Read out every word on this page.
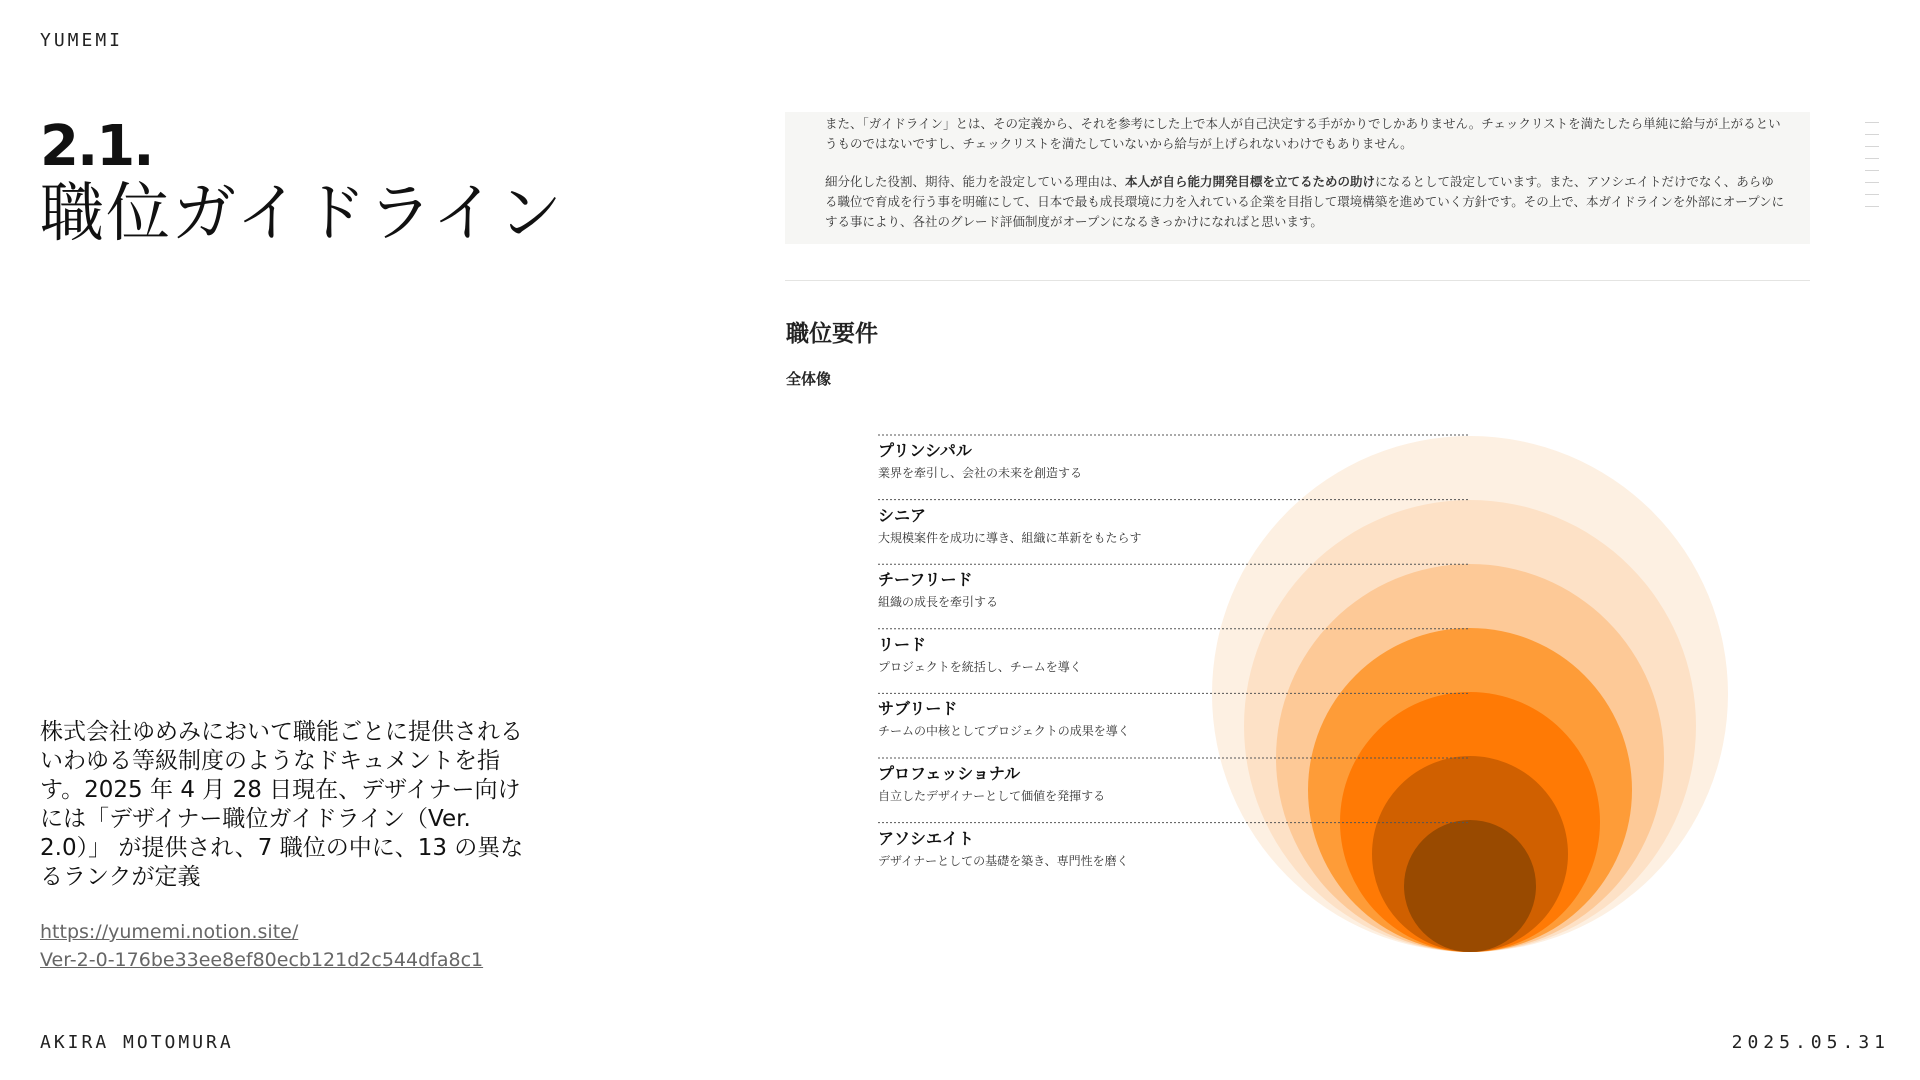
YUMEMI
2.1.
職位ガイドライン
株式会社ゆめみにおいて職能ごとに提供されるいわゆる等級制度のようなドキュメントを指す。2025 年 4 月 28 日現在、デザイナー向けには「デザイナー職位ガイドライン（Ver. 2.0）」 が提供され、7 職位の中に、13 の異なるランクが定義
https://yumemi.notion.site/
Ver-2-0-176be33ee8ef80ecb121d2c544dfa8c1
AKIRA MOTOMURA	2025.05.31

また、「ガイドライン」とは、その定義から、それを参考にした上で本人が自己決定する手がかりでしかありません。チェックリストを満たしたら単純に給与が上がるというものではないですし、チェックリストを満たしていないから給与が上げられないわけでもありません。

細分化した役割、期待、能力を設定している理由は、本人が自ら能力開発目標を立てるための助けになるとして設定しています。また、アソシエイトだけでなく、あらゆる職位で育成を行う事を明確にして、日本で最も成長環境に力を入れている企業を目指して環境構築を進めていく方針です。その上で、本ガイドラインを外部にオープンにする事により、各社のグレード評価制度がオープンになるきっかけになればと思います。

職位要件
全体像
プリンシパル
業界を牽引し、会社の未来を創造する
シニア
大規模案件を成功に導き、組織に革新をもたらす
チーフリード
組織の成長を牽引する
リード
プロジェクトを統括し、チームを導く
サブリード
チームの中核としてプロジェクトの成果を導く
プロフェッショナル
自立したデザイナーとして価値を発揮する
アソシエイト
デザイナーとしての基礎を築き、専門性を磨く
